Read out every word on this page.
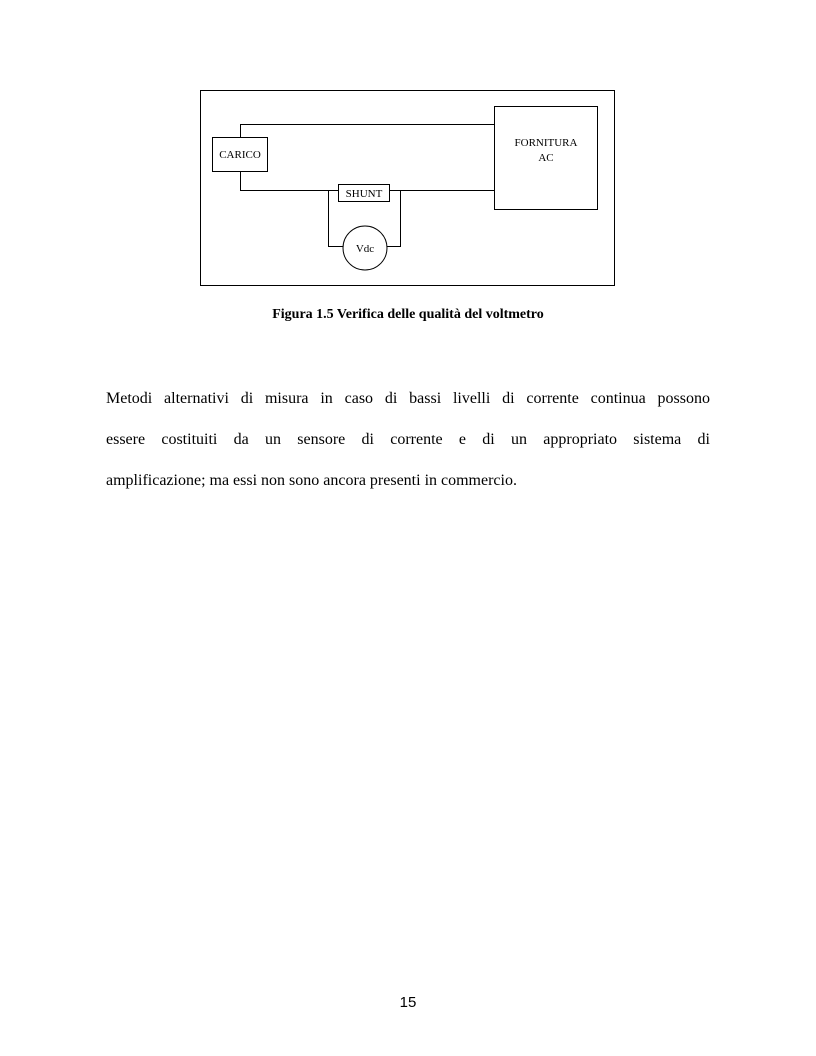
CARICO
FORNITURA
AC
SHUNT
Vdc
Figura 1.5 Verifica delle qualità del voltmetro
Metodi alternativi di misura in caso di bassi livelli di corrente continua possono
essere costituiti da un sensore di corrente e di un appropriato sistema di
amplificazione; ma essi non sono ancora presenti in commercio.
15
